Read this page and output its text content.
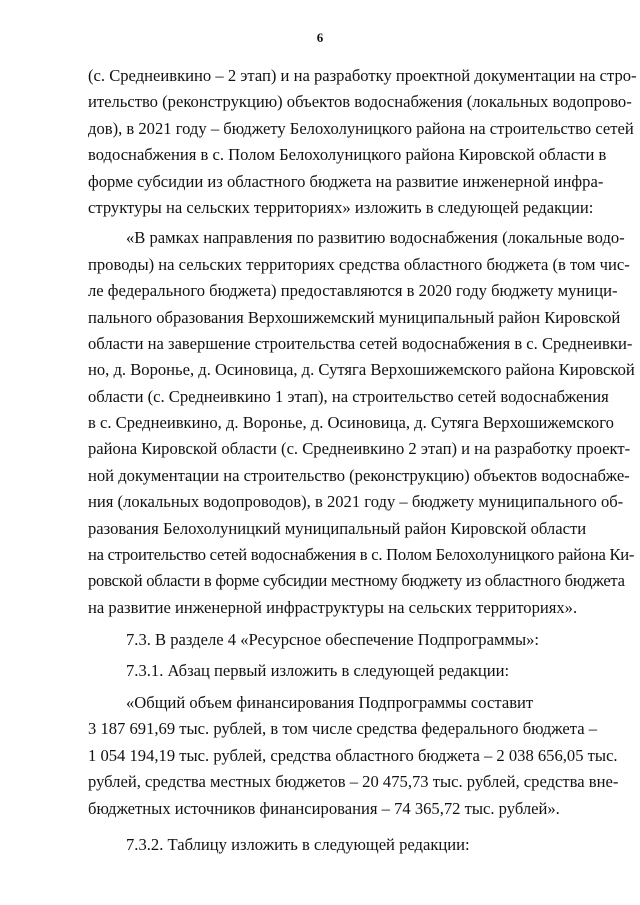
6
(с. Среднеивкино – 2 этап) и на разработку проектной документации на стро-
ительство (реконструкцию) объектов водоснабжения (локальных водопрово-
дов), в 2021 году – бюджету Белохолуницкого района на строительство сетей
водоснабжения в с. Полом Белохолуницкого района Кировской области в
форме субсидии из областного бюджета на развитие инженерной инфра-
структуры на сельских территориях» изложить в следующей редакции:
«В рамках направления по развитию водоснабжения (локальные водо-
проводы) на сельских территориях средства областного бюджета (в том чис-
ле федерального бюджета) предоставляются в 2020 году бюджету муници-
пального образования Верхошижемский муниципальный район Кировской
области на завершение строительства сетей водоснабжения в с. Среднеивки-
но, д. Воронье, д. Осиновица, д. Сутяга Верхошижемского района Кировской
области (с. Среднеивкино 1 этап), на строительство сетей водоснабжения
в с. Среднеивкино, д. Воронье, д. Осиновица, д. Сутяга Верхошижемского
района Кировской области (с. Среднеивкино 2 этап) и на разработку проект-
ной документации на строительство (реконструкцию) объектов водоснабже-
ния (локальных водопроводов), в 2021 году – бюджету муниципального об-
разования Белохолуницкий муниципальный район Кировской области
на строительство сетей водоснабжения в с. Полом Белохолуницкого района Ки-
ровской области в форме субсидии местному бюджету из областного бюджета
на развитие инженерной инфраструктуры на сельских территориях».
7.3. В разделе 4 «Ресурсное обеспечение Подпрограммы»:
7.3.1. Абзац первый изложить в следующей редакции:
«Общий объем финансирования Подпрограммы составит
3 187 691,69 тыс. рублей, в том числе средства федерального бюджета –
1 054 194,19 тыс. рублей, средства областного бюджета – 2 038 656,05 тыс.
рублей, средства местных бюджетов – 20 475,73 тыс. рублей, средства вне-
бюджетных источников финансирования – 74 365,72 тыс. рублей».
7.3.2. Таблицу изложить в следующей редакции:
